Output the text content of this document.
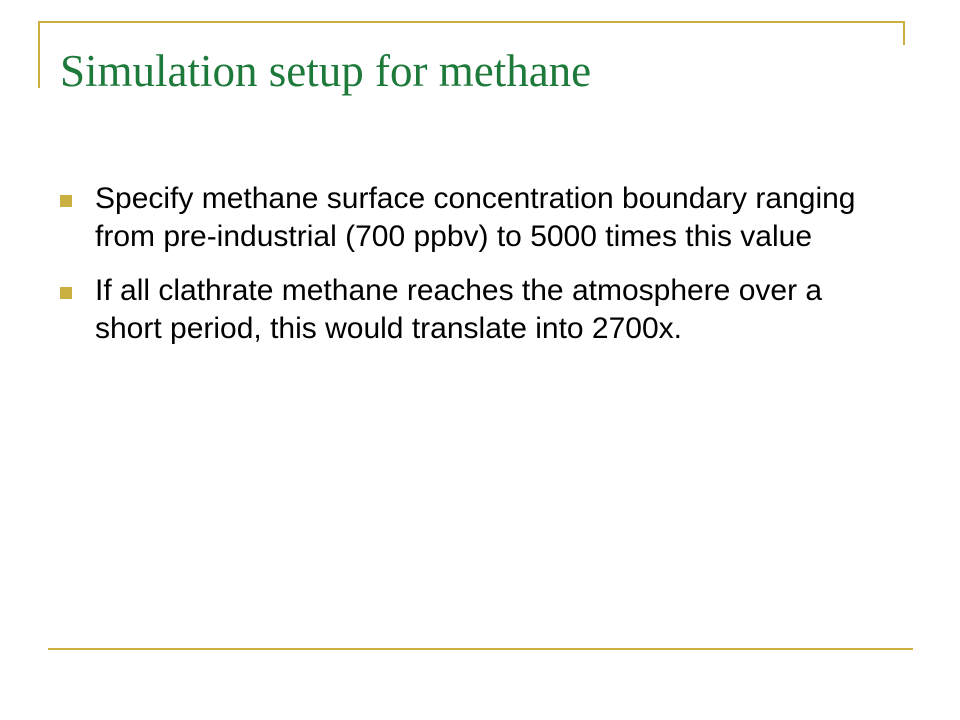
Simulation setup for methane
Specify methane surface concentration boundary ranging from pre-industrial (700 ppbv) to 5000 times this value
If all clathrate methane reaches the atmosphere over a short period, this would translate into 2700x.
